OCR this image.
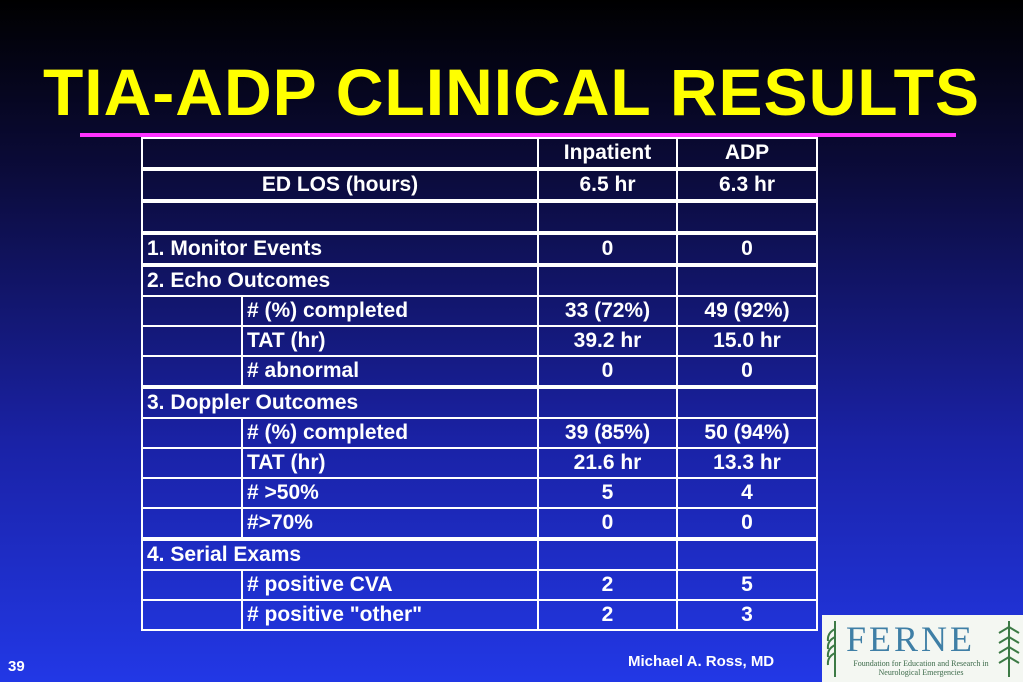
TIA-ADP CLINICAL RESULTS
		Inpatient	ADP
ED LOS (hours)		6.5 hr	6.3 hr

1. Monitor Events		0	0
2. Echo Outcomes			
	# (%) completed	33 (72%)	49 (92%)
	TAT (hr)	39.2 hr	15.0 hr
	# abnormal	0	0
3. Doppler Outcomes			
	# (%) completed	39 (85%)	50 (94%)
	TAT (hr)	21.6 hr	13.3 hr
	# >50%	5	4
	#>70%	0	0
4. Serial Exams			
	# positive CVA	2	5
	# positive "other"	2	3
39	Michael A. Ross, MD
FERNE
Foundation for Education and Research in Neurological Emergencies
